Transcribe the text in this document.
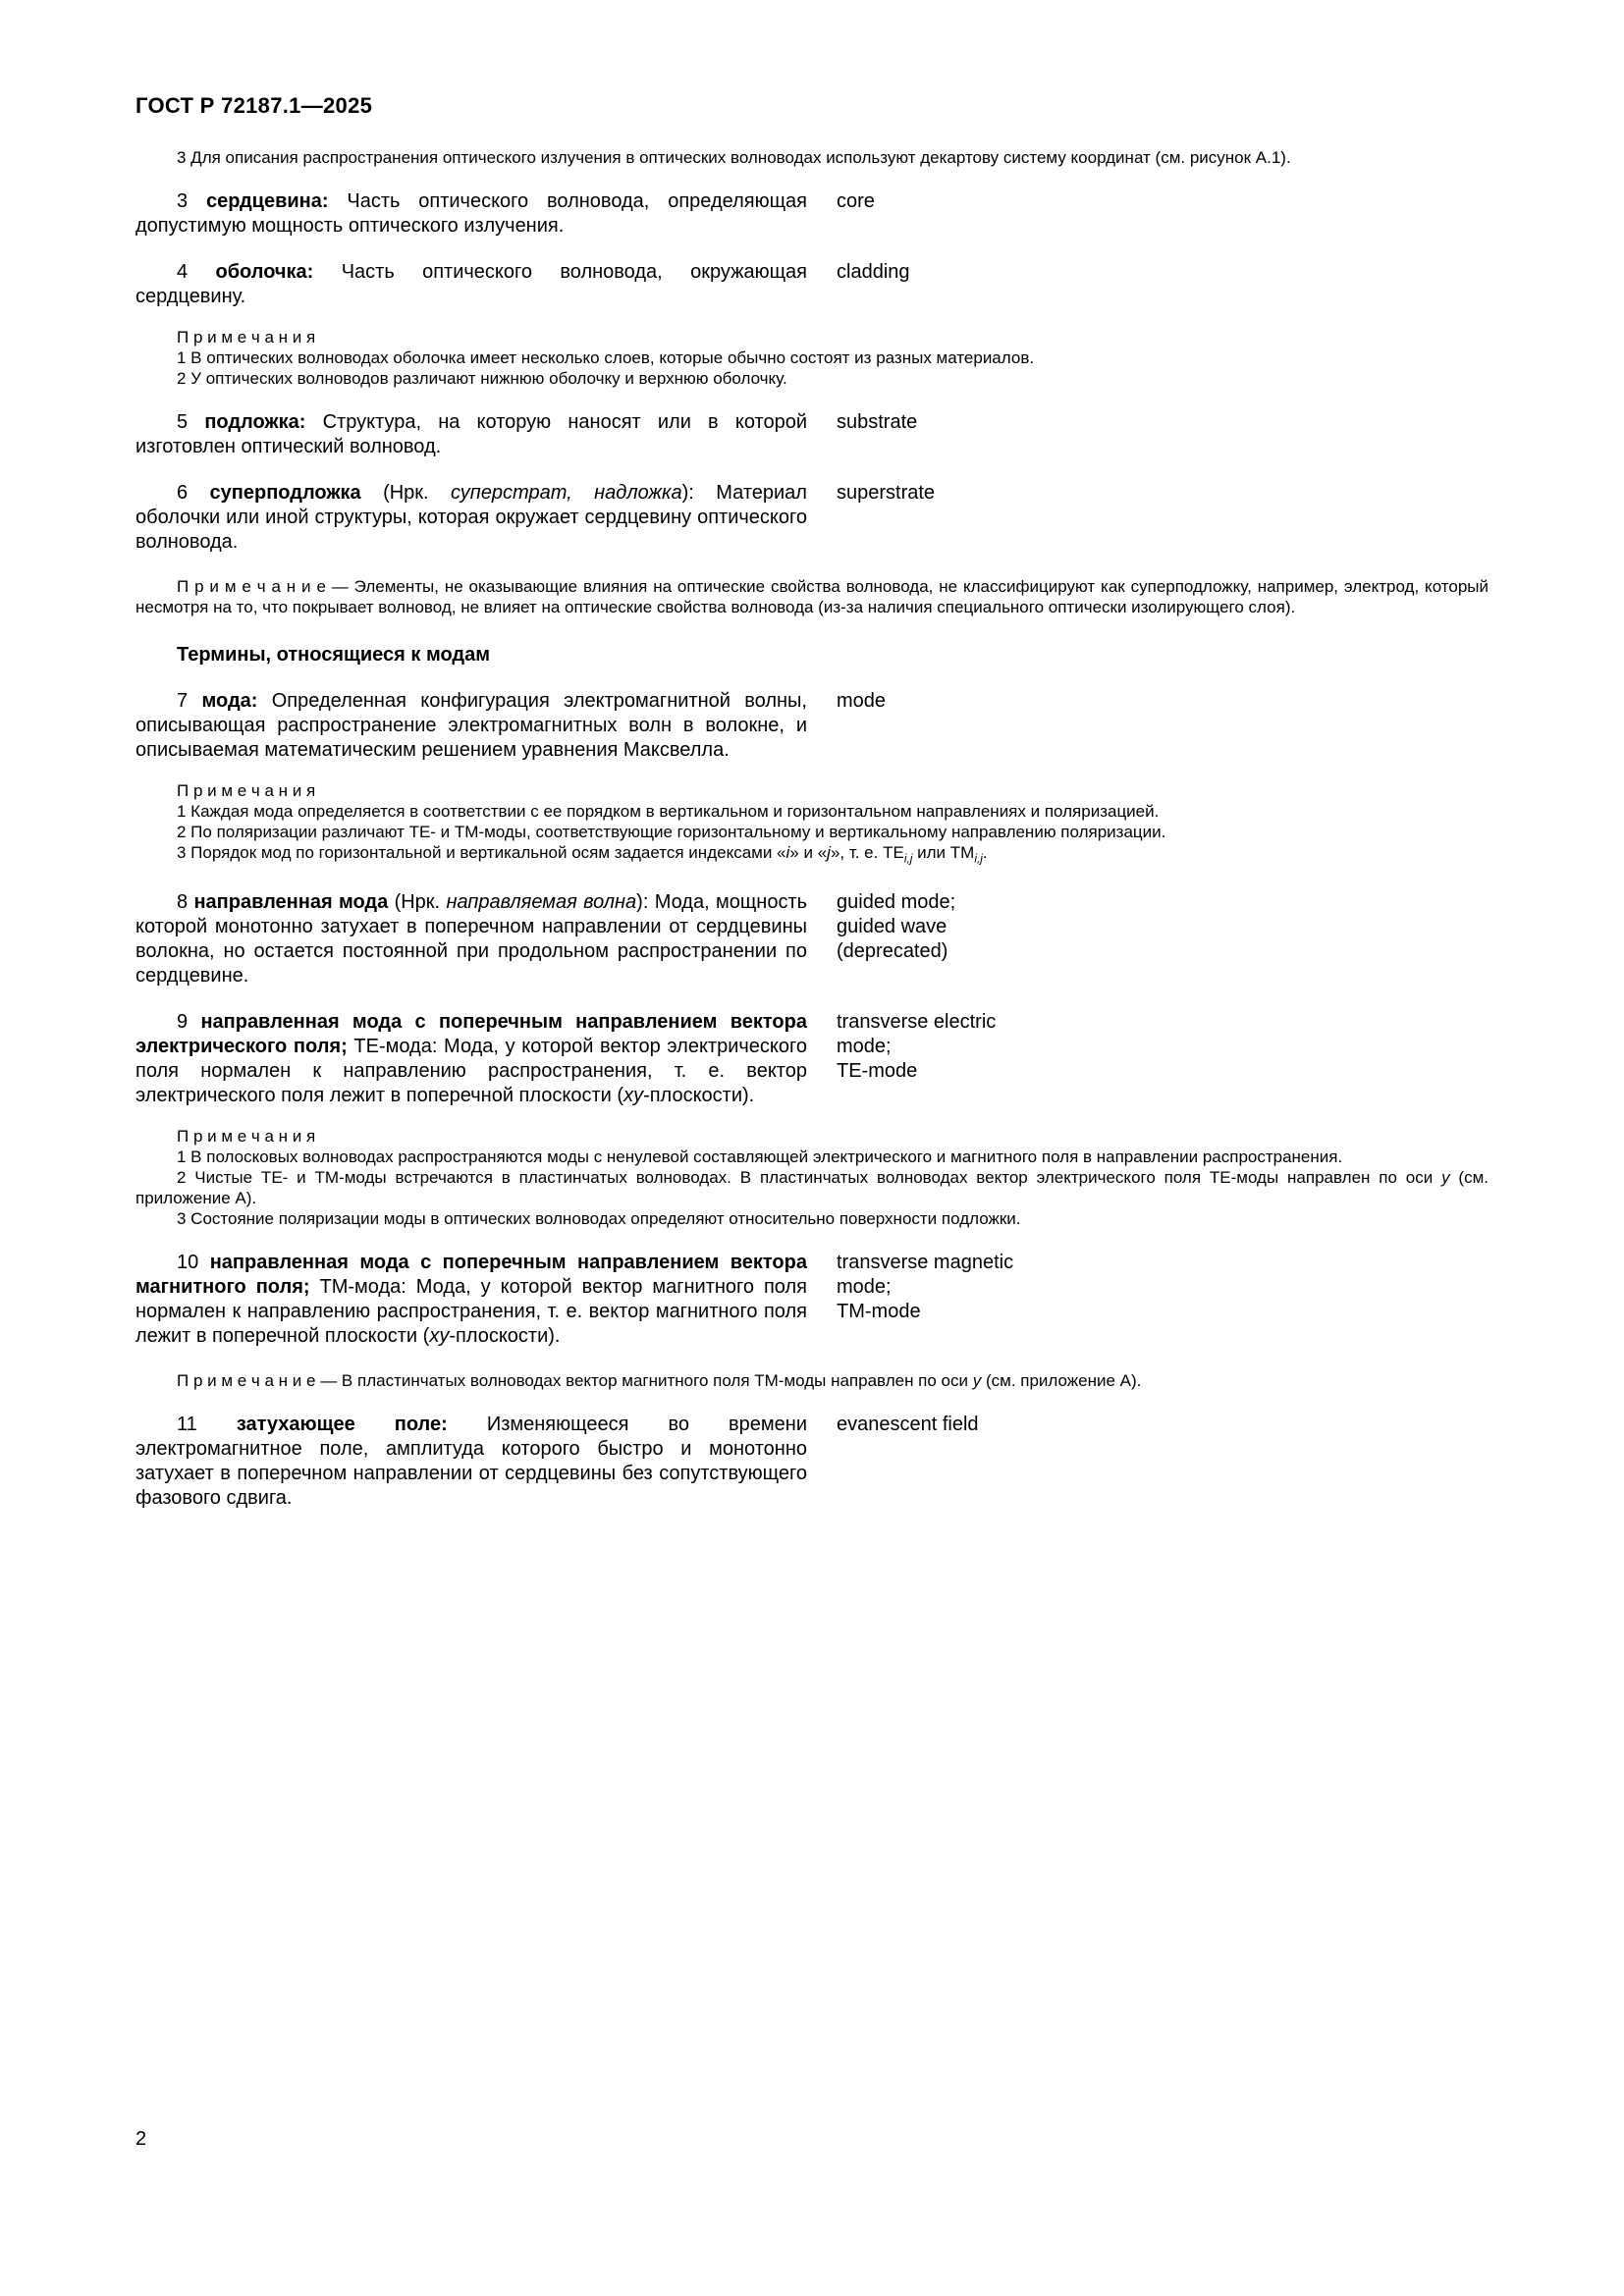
ГОСТ Р 72187.1—2025
3 Для описания распространения оптического излучения в оптических волноводах используют декартову систему координат (см. рисунок А.1).
3 сердцевина: Часть оптического волновода, определяющая допустимую мощность оптического излучения.
core
4 оболочка: Часть оптического волновода, окружающая сердцевину.
cladding
П р и м е ч а н и я
1 В оптических волноводах оболочка имеет несколько слоев, которые обычно состоят из разных материалов.
2 У оптических волноводов различают нижнюю оболочку и верхнюю оболочку.
5 подложка: Структура, на которую наносят или в которой изготовлен оптический волновод.
substrate
6 суперподложка (Нрк. суперстрат, надложка): Материал оболочки или иной структуры, которая окружает сердцевину оптического волновода.
superstrate
П р и м е ч а н и е — Элементы, не оказывающие влияния на оптические свойства волновода, не классифицируют как суперподложку, например, электрод, который несмотря на то, что покрывает волновод, не влияет на оптические свойства волновода (из-за наличия специального оптически изолирующего слоя).
Термины, относящиеся к модам
7 мода: Определенная конфигурация электромагнитной волны, описывающая распространение электромагнитных волн в волокне, и описываемая математическим решением уравнения Максвелла.
mode
П р и м е ч а н и я
1 Каждая мода определяется в соответствии с ее порядком в вертикальном и горизонтальном направлениях и поляризацией.
2 По поляризации различают ТЕ- и ТМ-моды, соответствующие горизонтальному и вертикальному направлению поляризации.
3 Порядок мод по горизонтальной и вертикальной осям задается индексами «i» и «j», т. е. $TE_{i,j}$ или $TM_{i,j}$.
8 направленная мода (Нрк. направляемая волна): Мода, мощность которой монотонно затухает в поперечном направлении от сердцевины волокна, но остается постоянной при продольном распространении по сердцевине.
guided mode;
guided wave
(deprecated)
9 направленная мода с поперечным направлением вектора электрического поля; ТЕ-мода: Мода, у которой вектор электрического поля нормален к направлению распространения, т. е. вектор электрического поля лежит в поперечной плоскости (ху-плоскости).
transverse electric
mode;
TE-mode
П р и м е ч а н и я
1 В полосковых волноводах распространяются моды с ненулевой составляющей электрического и магнитного поля в направлении распространения.
2 Чистые ТЕ- и ТМ-моды встречаются в пластинчатых волноводах. В пластинчатых волноводах вектор электрического поля ТЕ-моды направлен по оси y (см. приложение А).
3 Состояние поляризации моды в оптических волноводах определяют относительно поверхности подложки.
10 направленная мода с поперечным направлением вектора магнитного поля; ТМ-мода: Мода, у которой вектор магнитного поля нормален к направлению распространения, т. е. вектор магнитного поля лежит в поперечной плоскости (ху-плоскости).
transverse magnetic
mode;
TM-mode
П р и м е ч а н и е — В пластинчатых волноводах вектор магнитного поля ТМ-моды направлен по оси y (см. приложение А).
11 затухающее поле: Изменяющееся во времени электромагнитное поле, амплитуда которого быстро и монотонно затухает в поперечном направлении от сердцевины без сопутствующего фазового сдвига.
evanescent field
2
